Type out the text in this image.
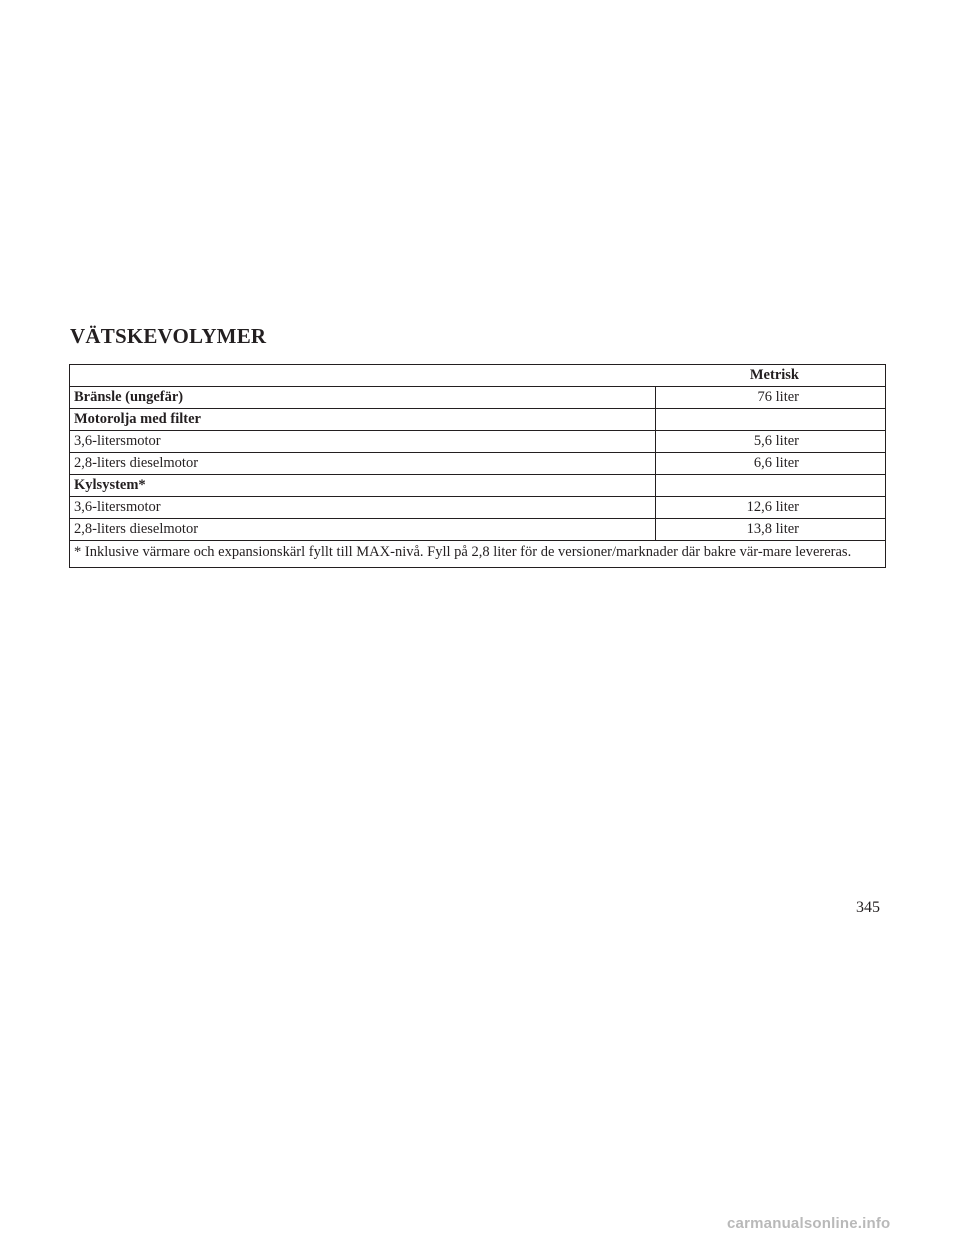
VÄTSKEVOLYMER
	Metrisk
Bränsle (ungefär)	76 liter
Motorolja med filter	
3,6-litersmotor	5,6 liter
2,8-liters dieselmotor	6,6 liter
Kylsystem*	
3,6-litersmotor	12,6 liter
2,8-liters dieselmotor	13,8 liter
* Inklusive värmare och expansionskärl fyllt till MAX-nivå. Fyll på 2,8 liter för de versioner/marknader där bakre vär-mare levereras.	
345
carmanualsonline.info
